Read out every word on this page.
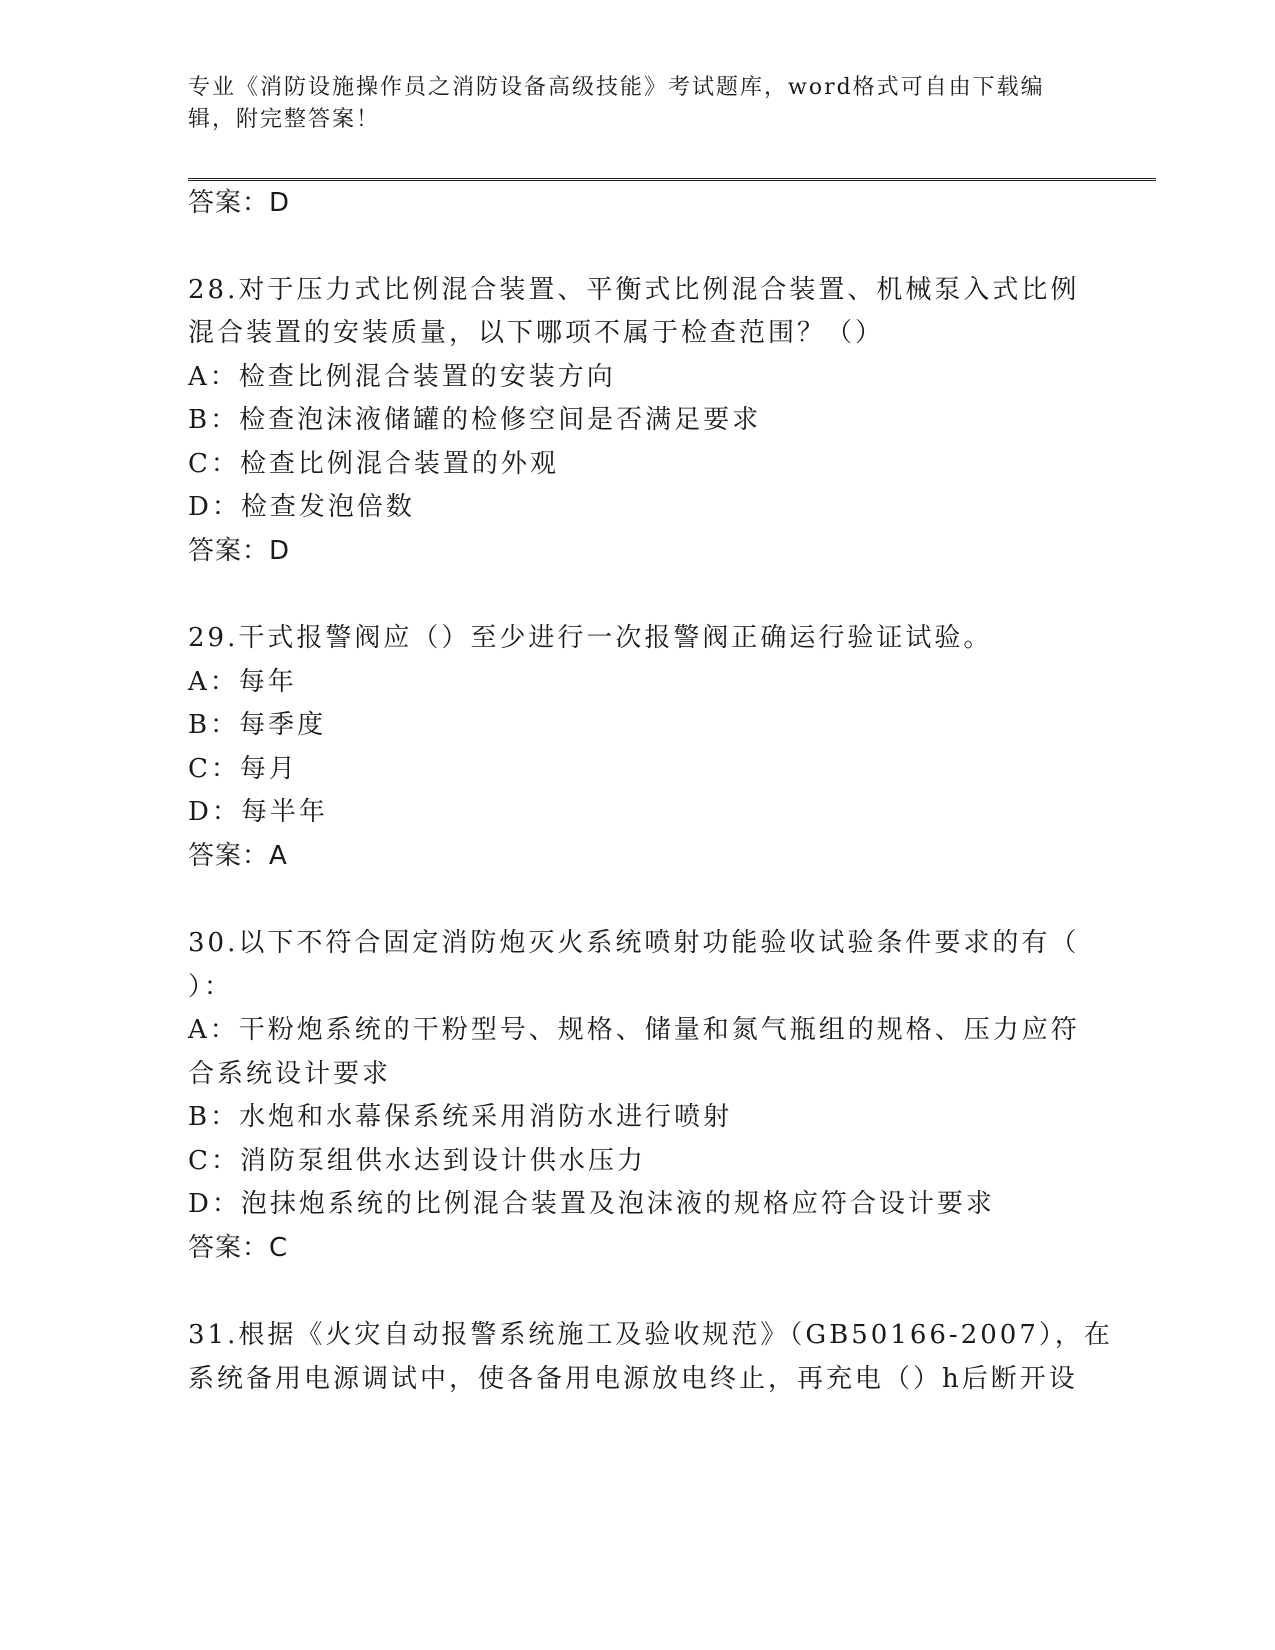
专业《消防设施操作员之消防设备高级技能》考试题库，word格式可自由下载编
辑，附完整答案！
答案：D
28.对于压力式比例混合装置、平衡式比例混合装置、机械泵入式比例
混合装置的安装质量，以下哪项不属于检查范围？（）
A：检查比例混合装置的安装方向
B：检查泡沫液储罐的检修空间是否满足要求
C：检查比例混合装置的外观
D：检查发泡倍数
答案：D
29.干式报警阀应（）至少进行一次报警阀正确运行验证试验。
A：每年
B：每季度
C：每月
D：每半年
答案：A
30.以下不符合固定消防炮灭火系统喷射功能验收试验条件要求的有（
）：
A：干粉炮系统的干粉型号、规格、储量和氮气瓶组的规格、压力应符
合系统设计要求
B：水炮和水幕保系统采用消防水进行喷射
C：消防泵组供水达到设计供水压力
D：泡抹炮系统的比例混合装置及泡沫液的规格应符合设计要求
答案：C
31.根据《火灾自动报警系统施工及验收规范》（GB50166-2007），在
系统备用电源调试中，使各备用电源放电终止，再充电（）h后断开设
